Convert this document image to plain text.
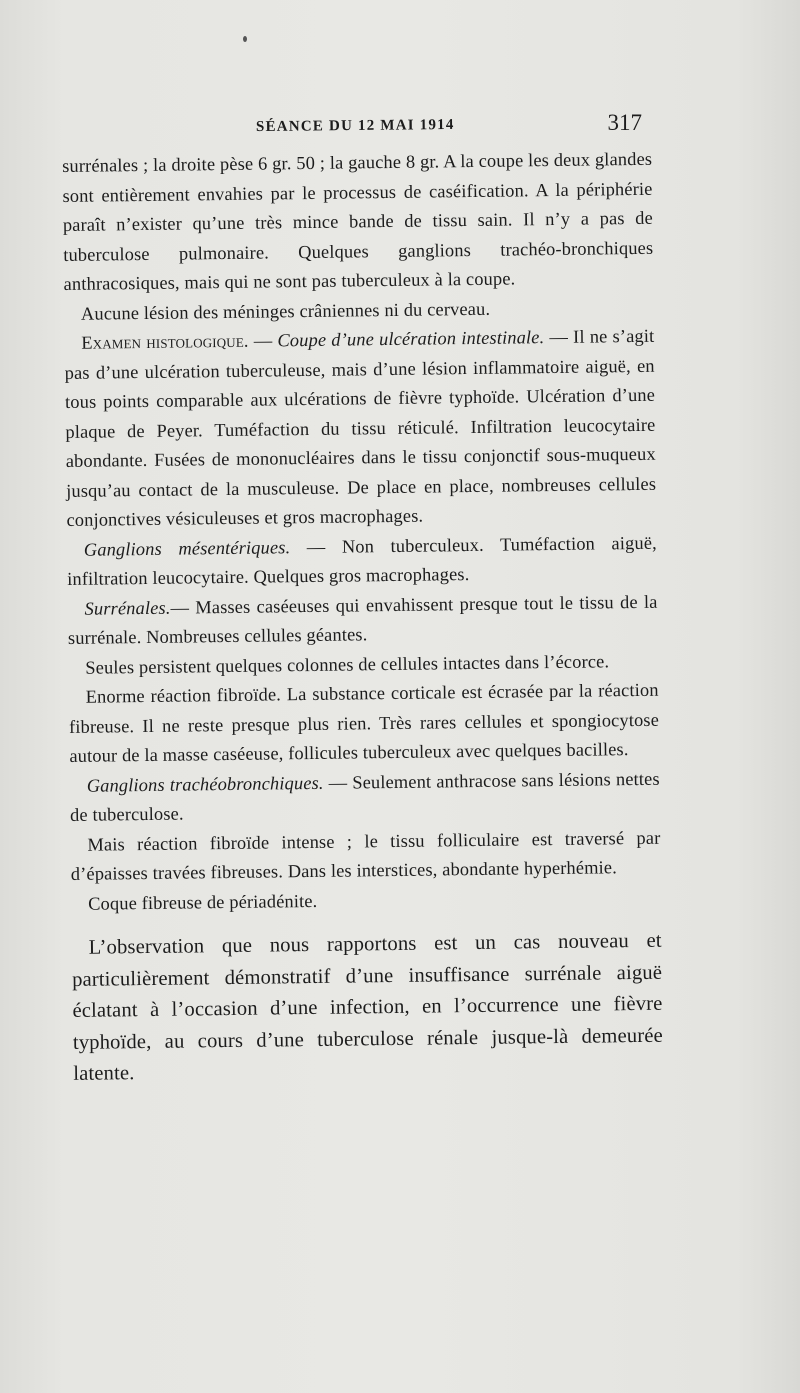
SÉANCE DU 12 MAI 1914	317

surrénales ; la droite pèse 6 gr. 50 ; la gauche 8 gr. A la coupe les deux glandes sont entièrement envahies par le processus de caséification. A la périphérie paraît n’exister qu’une très mince bande de tissu sain. Il n’y a pas de tuberculose pulmonaire. Quelques ganglions trachéo-bronchiques anthracosiques, mais qui ne sont pas tuberculeux à la coupe.

Aucune lésion des méninges crâniennes ni du cerveau.

Examen histologique. — Coupe d’une ulcération intestinale. — Il ne s’agit pas d’une ulcération tuberculeuse, mais d’une lésion inflammatoire aiguë, en tous points comparable aux ulcérations de fièvre typhoïde. Ulcération d’une plaque de Peyer. Tuméfaction du tissu réticulé. Infiltration leucocytaire abondante. Fusées de mononucléaires dans le tissu conjonctif sous-muqueux jusqu’au contact de la musculeuse. De place en place, nombreuses cellules conjonctives vésiculeuses et gros macrophages.

Ganglions mésentériques. — Non tuberculeux. Tuméfaction aiguë, infiltration leucocytaire. Quelques gros macrophages.

Surrénales.— Masses caséeuses qui envahissent presque tout le tissu de la surrénale. Nombreuses cellules géantes.

Seules persistent quelques colonnes de cellules intactes dans l’écorce.

Enorme réaction fibroïde. La substance corticale est écrasée par la réaction fibreuse. Il ne reste presque plus rien. Très rares cellules et spongiocytose autour de la masse caséeuse, follicules tuberculeux avec quelques bacilles.

Ganglions trachéobronchiques. — Seulement anthracose sans lésions nettes de tuberculose.

Mais réaction fibroïde intense ; le tissu folliculaire est traversé par d’épaisses travées fibreuses. Dans les interstices, abondante hyperhémie.

Coque fibreuse de périadénite.

L’observation que nous rapportons est un cas nouveau et particulièrement démonstratif d’une insuffisance surrénale aiguë éclatant à l’occasion d’une infection, en l’occurrence une fièvre typhoïde, au cours d’une tuberculose rénale jusque-là demeurée latente.
